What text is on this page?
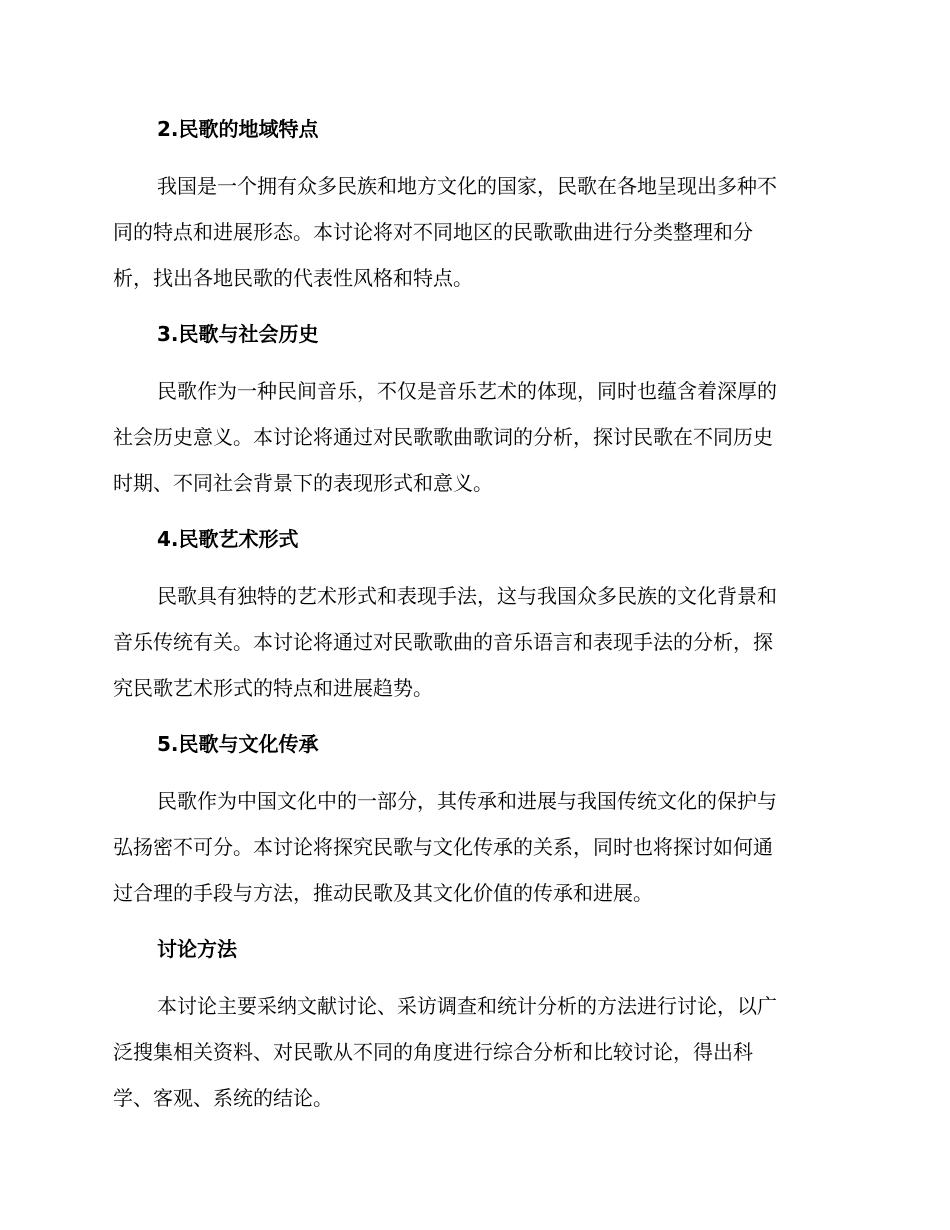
2.民歌的地域特点
我国是一个拥有众多民族和地方文化的国家，民歌在各地呈现出多种不
同的特点和进展形态。本讨论将对不同地区的民歌歌曲进行分类整理和分
析，找出各地民歌的代表性风格和特点。
3.民歌与社会历史
民歌作为一种民间音乐，不仅是音乐艺术的体现，同时也蕴含着深厚的
社会历史意义。本讨论将通过对民歌歌曲歌词的分析，探讨民歌在不同历史
时期、不同社会背景下的表现形式和意义。
4.民歌艺术形式
民歌具有独特的艺术形式和表现手法，这与我国众多民族的文化背景和
音乐传统有关。本讨论将通过对民歌歌曲的音乐语言和表现手法的分析，探
究民歌艺术形式的特点和进展趋势。
5.民歌与文化传承
民歌作为中国文化中的一部分，其传承和进展与我国传统文化的保护与
弘扬密不可分。本讨论将探究民歌与文化传承的关系，同时也将探讨如何通
过合理的手段与方法，推动民歌及其文化价值的传承和进展。
讨论方法
本讨论主要采纳文献讨论、采访调查和统计分析的方法进行讨论，以广
泛搜集相关资料、对民歌从不同的角度进行综合分析和比较讨论，得出科
学、客观、系统的结论。
